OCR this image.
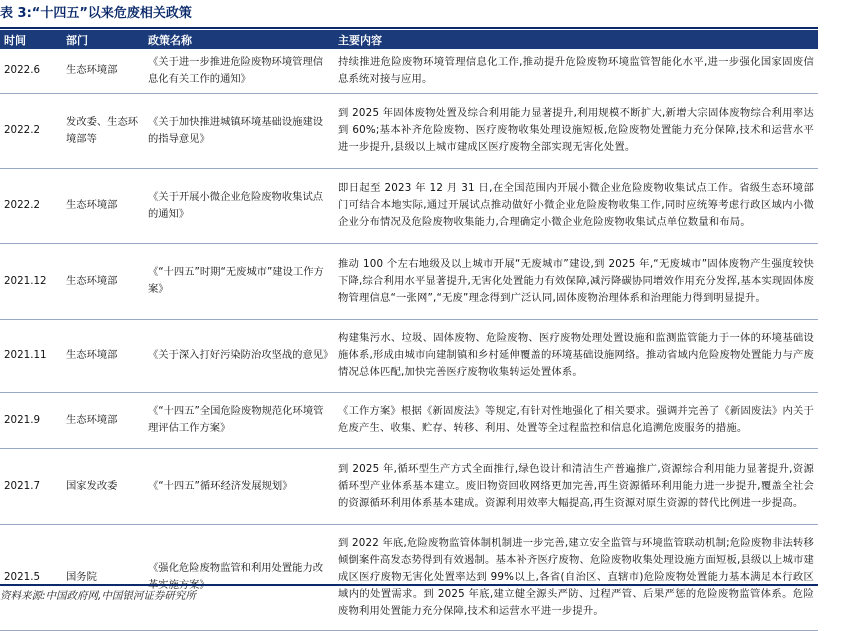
表 3:“十四五”以来危废相关政策
时间	部门	政策名称	主要内容
2022.6	生态环境部	《关于进一步推进危险废物环境管理信息化有关工作的通知》	持续推进危险废物环境管理信息化工作,推动提升危险废物环境监管智能化水平,进一步强化国家固废信息系统对接与应用。
2022.2	发改委、生态环境部等	《关于加快推进城镇环境基础设施建设的指导意见》	到 2025 年固体废物处置及综合利用能力显著提升,利用规模不断扩大,新增大宗固体废物综合利用率达到 60%;基本补齐危险废物、医疗废物收集处理设施短板,危险废物处置能力充分保障,技术和运营水平进一步提升,县级以上城市建成区医疗废物全部实现无害化处置。
2022.2	生态环境部	《关于开展小微企业危险废物收集试点的通知》	即日起至 2023 年 12 月 31 日,在全国范围内开展小微企业危险废物收集试点工作。省级生态环境部门可结合本地实际,通过开展试点推动做好小微企业危险废物收集工作,同时应统筹考虑行政区域内小微企业分布情况及危险废物收集能力,合理确定小微企业危险废物收集试点单位数量和布局。
2021.12	生态环境部	《“十四五”时期“无废城市”建设工作方案》	推动 100 个左右地级及以上城市开展“无废城市”建设,到 2025 年,“无废城市”固体废物产生强度较快下降,综合利用水平显著提升,无害化处置能力有效保障,减污降碳协同增效作用充分发挥,基本实现固体废物管理信息“一张网”,“无废”理念得到广泛认同,固体废物治理体系和治理能力得到明显提升。
2021.11	生态环境部	《关于深入打好污染防治攻坚战的意见》	构建集污水、垃圾、固体废物、危险废物、医疗废物处理处置设施和监测监管能力于一体的环境基础设施体系,形成由城市向建制镇和乡村延伸覆盖的环境基础设施网络。推动省域内危险废物处置能力与产废情况总体匹配,加快完善医疗废物收集转运处置体系。
2021.9	生态环境部	《“十四五”全国危险废物规范化环境管理评估工作方案》	《工作方案》根据《新固废法》等规定,有针对性地强化了相关要求。强调并完善了《新固废法》内关于危废产生、收集、贮存、转移、利用、处置等全过程监控和信息化追溯危废服务的措施。
2021.7	国家发改委	《“十四五”循环经济发展规划》	到 2025 年,循环型生产方式全面推行,绿色设计和清洁生产普遍推广,资源综合利用能力显著提升,资源循环型产业体系基本建立。废旧物资回收网络更加完善,再生资源循环利用能力进一步提升,覆盖全社会的资源循环利用体系基本建成。资源利用效率大幅提高,再生资源对原生资源的替代比例进一步提高。
2021.5	国务院	《强化危险废物监管和利用处置能力改	到 2022 年底,危险废物监管体制机制进一步完善,建立安全监管与环境监管联动机制;危险废物非法转移倾倒案件高发态势得到有效遏制。基本补齐医疗废物、危险废物收集处理设施方面短板,县级以上城市建成区医疗废物无害化处置率达到 99%以上,各省(自治区、直辖市)危险废物处置能力基本满足本行政区域内的处置需求。到 2025 年底,建立健全源头严防、过程严管、后果严惩的危险废物监管体系。危险废物利用处置能力充分保障,技术和运营水平进一步提升。
资料来源:中国政府网,中国银河证券研究所
